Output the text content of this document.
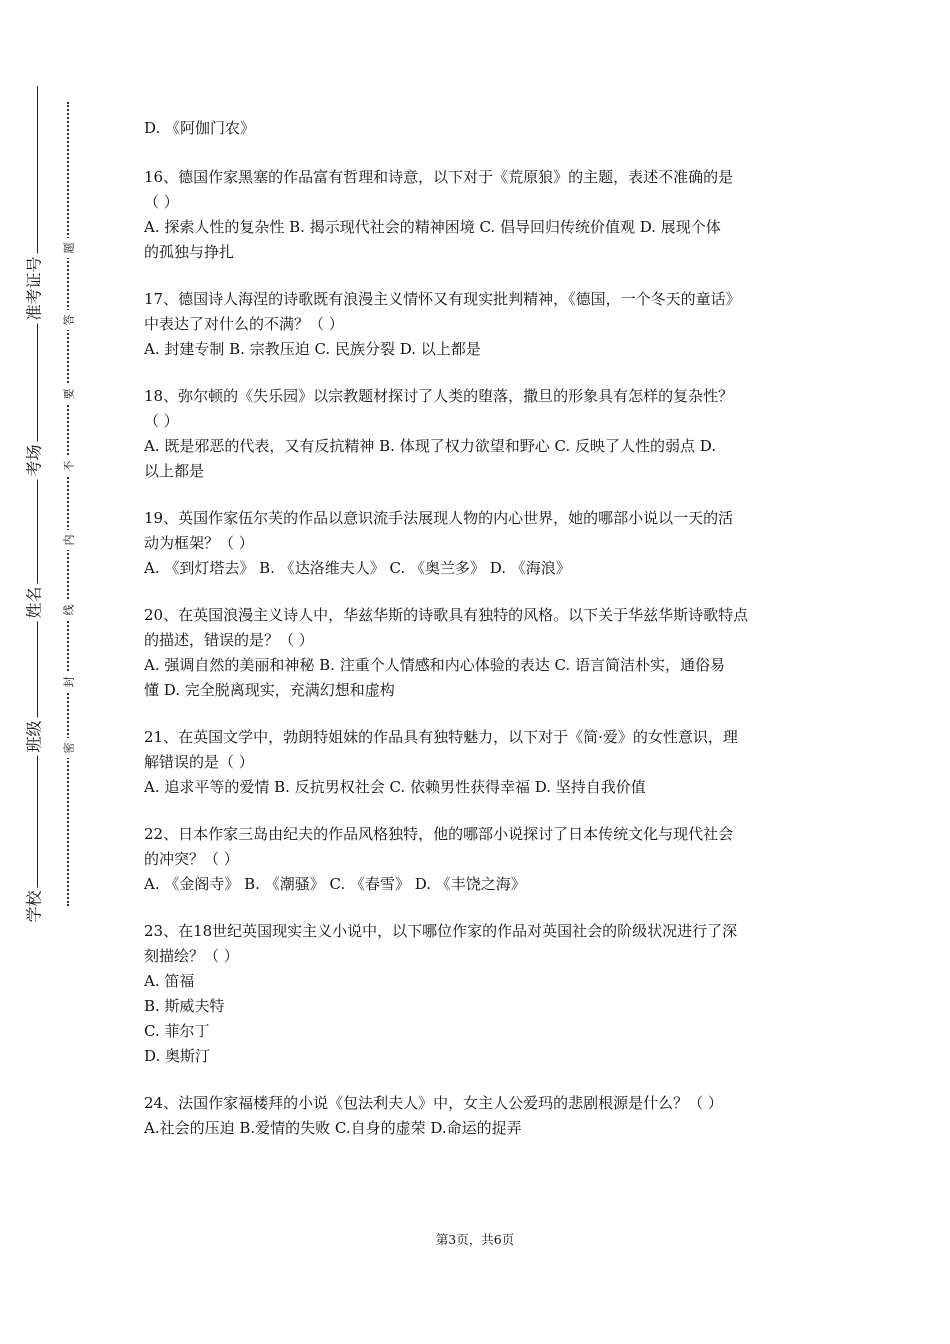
学校
班级
姓名
考场
准考证号
密
封
线
内
不
要
答
题
D. 《阿伽门农》
16、德国作家黑塞的作品富有哲理和诗意，以下对于《荒原狼》的主题，表述不准确的是
（ ）
A. 探索人性的复杂性 B. 揭示现代社会的精神困境 C. 倡导回归传统价值观 D. 展现个体
的孤独与挣扎
17、德国诗人海涅的诗歌既有浪漫主义情怀又有现实批判精神，《德国，一个冬天的童话》
中表达了对什么的不满？（ ）
A. 封建专制 B. 宗教压迫 C. 民族分裂 D. 以上都是
18、弥尔顿的《失乐园》以宗教题材探讨了人类的堕落，撒旦的形象具有怎样的复杂性？
（ ）
A. 既是邪恶的代表，又有反抗精神 B. 体现了权力欲望和野心 C. 反映了人性的弱点 D.
以上都是
19、英国作家伍尔芙的作品以意识流手法展现人物的内心世界，她的哪部小说以一天的活
动为框架？（ ）
A. 《到灯塔去》 B. 《达洛维夫人》 C. 《奥兰多》 D. 《海浪》
20、在英国浪漫主义诗人中，华兹华斯的诗歌具有独特的风格。以下关于华兹华斯诗歌特点
的描述，错误的是？（ ）
A. 强调自然的美丽和神秘 B. 注重个人情感和内心体验的表达 C. 语言简洁朴实，通俗易
懂 D. 完全脱离现实，充满幻想和虚构
21、在英国文学中，勃朗特姐妹的作品具有独特魅力，以下对于《简·爱》的女性意识，理
解错误的是（ ）
A. 追求平等的爱情 B. 反抗男权社会 C. 依赖男性获得幸福 D. 坚持自我价值
22、日本作家三岛由纪夫的作品风格独特，他的哪部小说探讨了日本传统文化与现代社会
的冲突？（ ）
A. 《金阁寺》 B. 《潮骚》 C. 《春雪》 D. 《丰饶之海》
23、在18世纪英国现实主义小说中，以下哪位作家的作品对英国社会的阶级状况进行了深
刻描绘？（ ）
A. 笛福
B. 斯威夫特
C. 菲尔丁
D. 奥斯汀
24、法国作家福楼拜的小说《包法利夫人》中，女主人公爱玛的悲剧根源是什么？（ ）
A.社会的压迫 B.爱情的失败 C.自身的虚荣 D.命运的捉弄
第3页，共6页
